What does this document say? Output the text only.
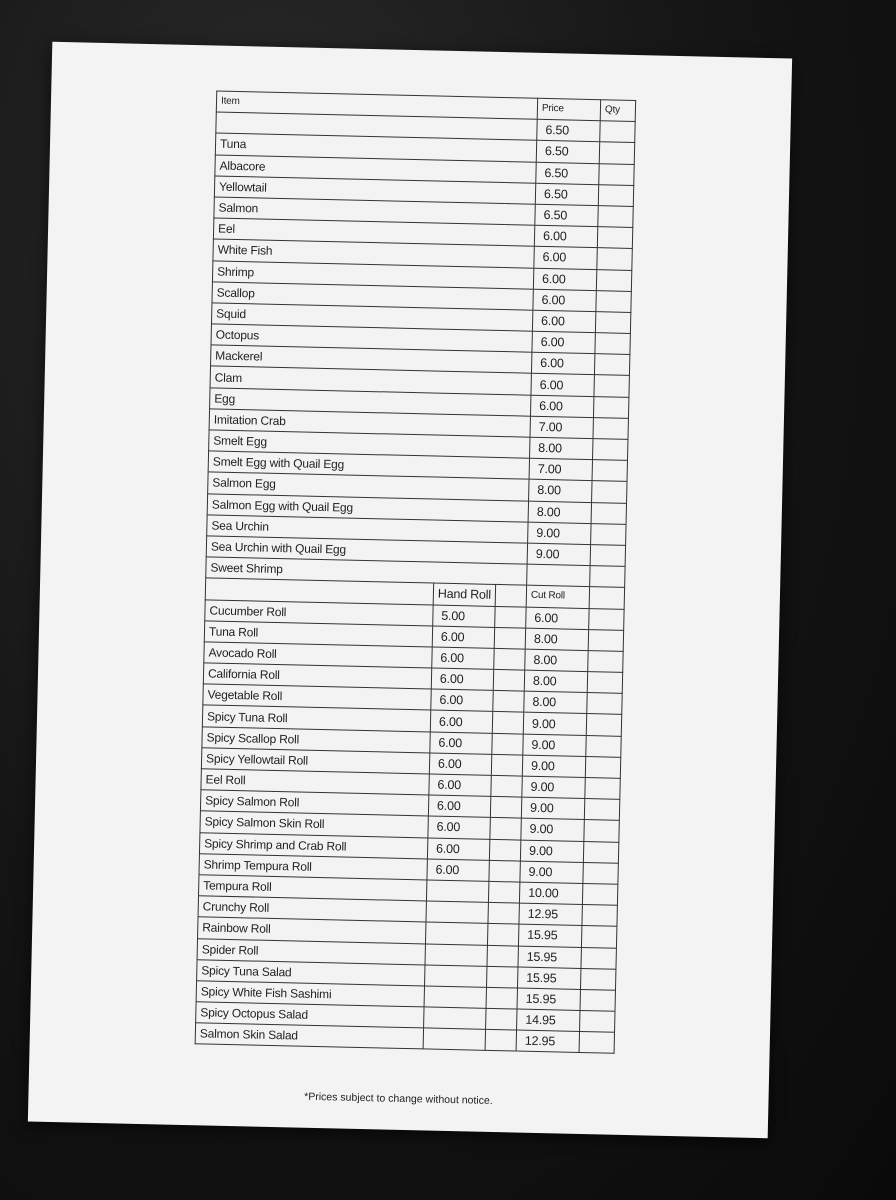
Item			Price	Qty
			6.50	
Tuna			6.50	
Albacore			6.50	
Yellowtail			6.50	
Salmon			6.50	
Eel			6.00	
White Fish			6.00	
Shrimp			6.00	
Scallop			6.00	
Squid			6.00	
Octopus			6.00	
Mackerel			6.00	
Clam			6.00	
Egg			6.00	
Imitation Crab			7.00	
Smelt Egg			8.00	
Smelt Egg with Quail Egg			7.00	
Salmon Egg			8.00	
Salmon Egg with Quail Egg			8.00	
Sea Urchin			9.00	
Sea Urchin with Quail Egg			9.00	
Sweet Shrimp				
	Hand Roll		Cut Roll	
Cucumber Roll	5.00		6.00	
Tuna Roll	6.00		8.00	
Avocado Roll	6.00		8.00	
California Roll	6.00		8.00	
Vegetable Roll	6.00		8.00	
Spicy Tuna Roll	6.00		9.00	
Spicy Scallop Roll	6.00		9.00	
Spicy Yellowtail Roll	6.00		9.00	
Eel Roll	6.00		9.00	
Spicy Salmon Roll	6.00		9.00	
Spicy Salmon Skin Roll	6.00		9.00	
Spicy Shrimp and Crab Roll	6.00		9.00	
Shrimp Tempura Roll	6.00		9.00	
Tempura Roll			10.00	
Crunchy Roll			12.95	
Rainbow Roll			15.95	
Spider Roll			15.95	
Spicy Tuna Salad			15.95	
Spicy White Fish Sashimi			15.95	
Spicy Octopus Salad			14.95	
Salmon Skin Salad			12.95	
*Prices subject to change without notice.
